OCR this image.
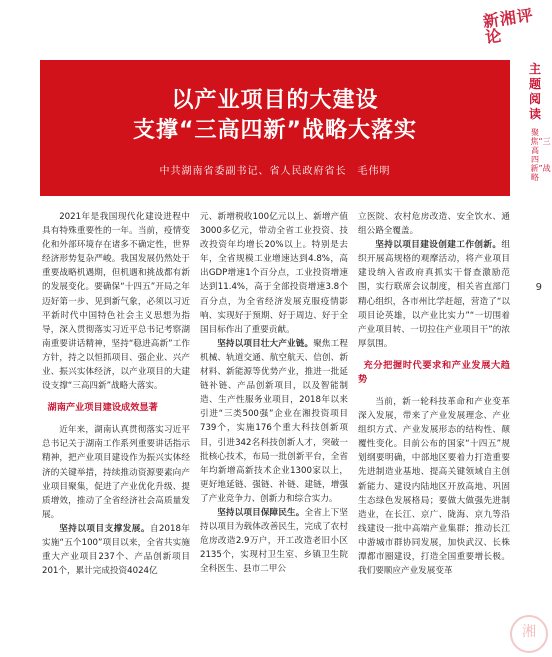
新湘评论
以产业项目的大建设
支撑“三高四新”战略大落实
中共湖南省委副书记、省人民政府省长　毛伟明
主题阅读
聚焦“三高四新”战略
9

2021年是我国现代化建设进程中具有特殊重要性的一年。当前，疫情变化和外部环境存在诸多不确定性，世界经济形势复杂严峻。我国发展仍然处于重要战略机遇期，但机遇和挑战都有新的发展变化。要确保“十四五”开局之年迈好第一步、见到新气象，必须以习近平新时代中国特色社会主义思想为指导，深入贯彻落实习近平总书记考察湖南重要讲话精神，坚持“稳进高新”工作方针，持之以恒抓项目、强企业、兴产业、振兴实体经济，以产业项目的大建设支撑“三高四新”战略大落实。

湖南产业项目建设成效显著

近年来，湖南认真贯彻落实习近平总书记关于湖南工作系列重要讲话指示精神，把产业项目建设作为振兴实体经济的关键举措，持续推动资源要素向产业项目聚集，促进了产业优化升级、提质增效，推动了全省经济社会高质量发展。

坚持以项目支撑发展。自2018年实施“五个100”项目以来，全省共实施重大产业项目237个、产品创新项目201个，累计完成投资4024亿

元、新增税收100亿元以上、新增产值3000多亿元，带动全省工业投资、技改投资年均增长20%以上。特别是去年，全省规模工业增速达到4.8%，高出GDP增速1个百分点，工业投资增速达到11.4%，高于全部投资增速3.8个百分点，为全省经济发展克服疫情影响、实现好于预期、好于周边、好于全国目标作出了重要贡献。

坚持以项目壮大产业链。聚焦工程机械、轨道交通、航空航天、信创、新材料、新能源等优势产业，推进一批延链补链、产品创新项目，以及智能制造、生产性服务业项目，2018年以来引进“三类500强”企业在湘投资项目739个，实施176个重大科技创新项目，引进342名科技创新人才，突破一批核心技术，布局一批创新平台，全省年均新增高新技术企业1300家以上，更好地延链、强链、补链、建链，增强了产业竞争力、创新力和综合实力。

坚持以项目保障民生。全省上下坚持以项目为载体改善民生，完成了农村危房改造2.9万户，开工改造老旧小区2135个，实现村卫生室、乡镇卫生院全科医生、县市二甲公

立医院、农村危房改造、安全饮水、通组公路全覆盖。

坚持以项目建设创建工作创新。组织开展高规格的观摩活动，将产业项目建设纳入省政府真抓实干督查激励范围，实行联席会议制度，相关省直部门精心组织，各市州比学赶超，营造了“以项目论英雄，以产业比实力”“一切围着产业项目转、一切拉住产业项目干”的浓厚氛围。

充分把握时代要求和产业发展大趋势

当前，新一轮科技革命和产业变革深入发展，带来了产业发展理念、产业组织方式、产业发展形态的结构性、颠覆性变化。目前公布的国家“十四五”规划纲要明确，中部地区要着力打造重要先进制造业基地、提高关键领域自主创新能力、建设内陆地区开放高地、巩固生态绿色发展格局；要做大做强先进制造业，在长江、京广、陇海、京九等沿线建设一批中高端产业集群；推动长江中游城市群协同发展，加快武汉、长株潭都市圈建设，打造全国重要增长极。我们要顺应产业发展变革

湘
